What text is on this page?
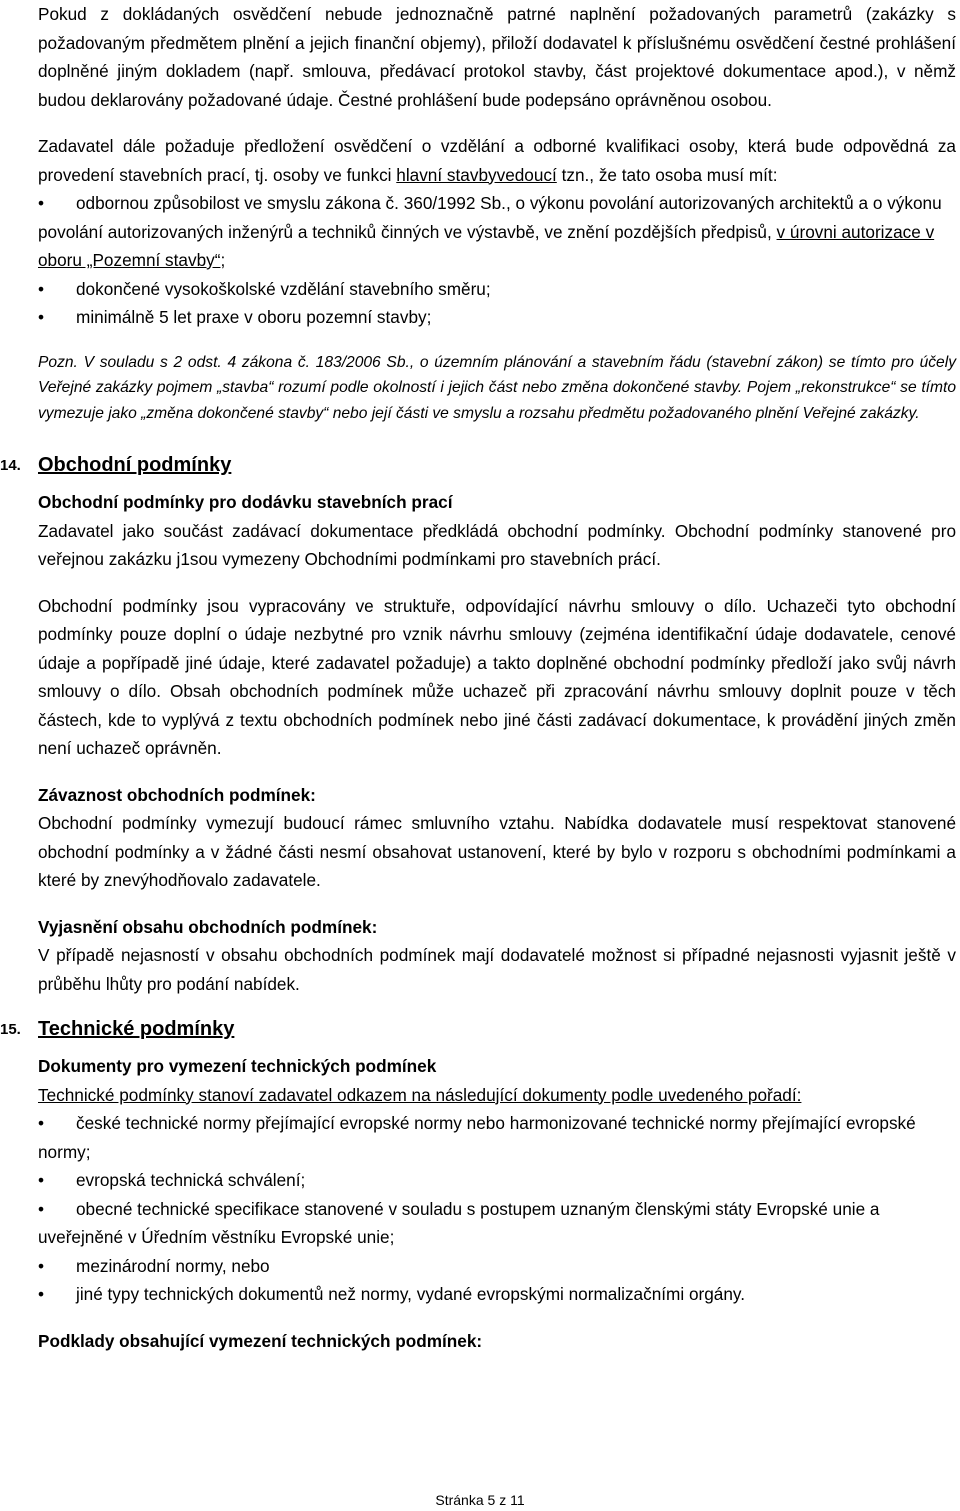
Pokud z dokládaných osvědčení nebude jednoznačně patrné naplnění požadovaných parametrů (zakázky s požadovaným předmětem plnění a jejich finanční objemy), přiloží dodavatel k příslušnému osvědčení čestné prohlášení doplněné jiným dokladem (např. smlouva, předávací protokol stavby, část projektové dokumentace apod.), v němž budou deklarovány požadované údaje. Čestné prohlášení bude podepsáno oprávněnou osobou.

Zadavatel dále požaduje předložení osvědčení o vzdělání a odborné kvalifikaci osoby, která bude odpovědná za provedení stavebních prací, tj. osoby ve funkci hlavní stavbyvedoucí tzn., že tato osoba musí mít:

• odbornou způsobilost ve smyslu zákona č. 360/1992 Sb., o výkonu povolání autorizovaných architektů a o výkonu povolání autorizovaných inženýrů a techniků činných ve výstavbě, ve znění pozdějších předpisů, v úrovni autorizace v oboru „Pozemní stavby“;

• dokončené vysokoškolské vzdělání stavebního směru;

• minimálně 5 let praxe v oboru pozemní stavby;

Pozn. V souladu s 2 odst. 4 zákona č. 183/2006 Sb., o územním plánování a stavebním řádu (stavební zákon) se tímto pro účely Veřejné zakázky pojmem „stavba“ rozumí podle okolností i jejich část nebo změna dokončené stavby. Pojem „rekonstrukce“ se tímto vymezuje jako „změna dokončené stavby“ nebo její části ve smyslu a rozsahu předmětu požadovaného plnění Veřejné zakázky.

14. Obchodní podmínky

Obchodní podmínky pro dodávku stavebních prací

Zadavatel jako součást zadávací dokumentace předkládá obchodní podmínky. Obchodní podmínky stanovené pro veřejnou zakázku j1sou vymezeny Obchodními podmínkami pro stavebních prácí.

Obchodní podmínky jsou vypracovány ve struktuře, odpovídající návrhu smlouvy o dílo. Uchazeči tyto obchodní podmínky pouze doplní o údaje nezbytné pro vznik návrhu smlouvy (zejména identifikační údaje dodavatele, cenové údaje a popřípadě jiné údaje, které zadavatel požaduje) a takto doplněné obchodní podmínky předloží jako svůj návrh smlouvy o dílo. Obsah obchodních podmínek může uchazeč při zpracování návrhu smlouvy doplnit pouze v těch částech, kde to vyplývá z textu obchodních podmínek nebo jiné části zadávací dokumentace, k provádění jiných změn není uchazeč oprávněn.

Závaznost obchodních podmínek:

Obchodní podmínky vymezují budoucí rámec smluvního vztahu. Nabídka dodavatele musí respektovat stanovené obchodní podmínky a v žádné části nesmí obsahovat ustanovení, které by bylo v rozporu s obchodními podmínkami a které by znevýhodňovalo zadavatele.

Vyjasnění obsahu obchodních podmínek:

V případě nejasností v obsahu obchodních podmínek mají dodavatelé možnost si případné nejasnosti vyjasnit ještě v průběhu lhůty pro podání nabídek.

15. Technické podmínky

Dokumenty pro vymezení technických podmínek

Technické podmínky stanoví zadavatel odkazem na následující dokumenty podle uvedeného pořadí:

• české technické normy přejímající evropské normy nebo harmonizované technické normy přejímající evropské normy;

• evropská technická schválení;

• obecné technické specifikace stanovené v souladu s postupem uznaným členskými státy Evropské unie a uveřejněné v Úředním věstníku Evropské unie;

• mezinárodní normy, nebo

• jiné typy technických dokumentů než normy, vydané evropskými normalizačními orgány.

Podklady obsahující vymezení technických podmínek:

Stránka 5 z 11
